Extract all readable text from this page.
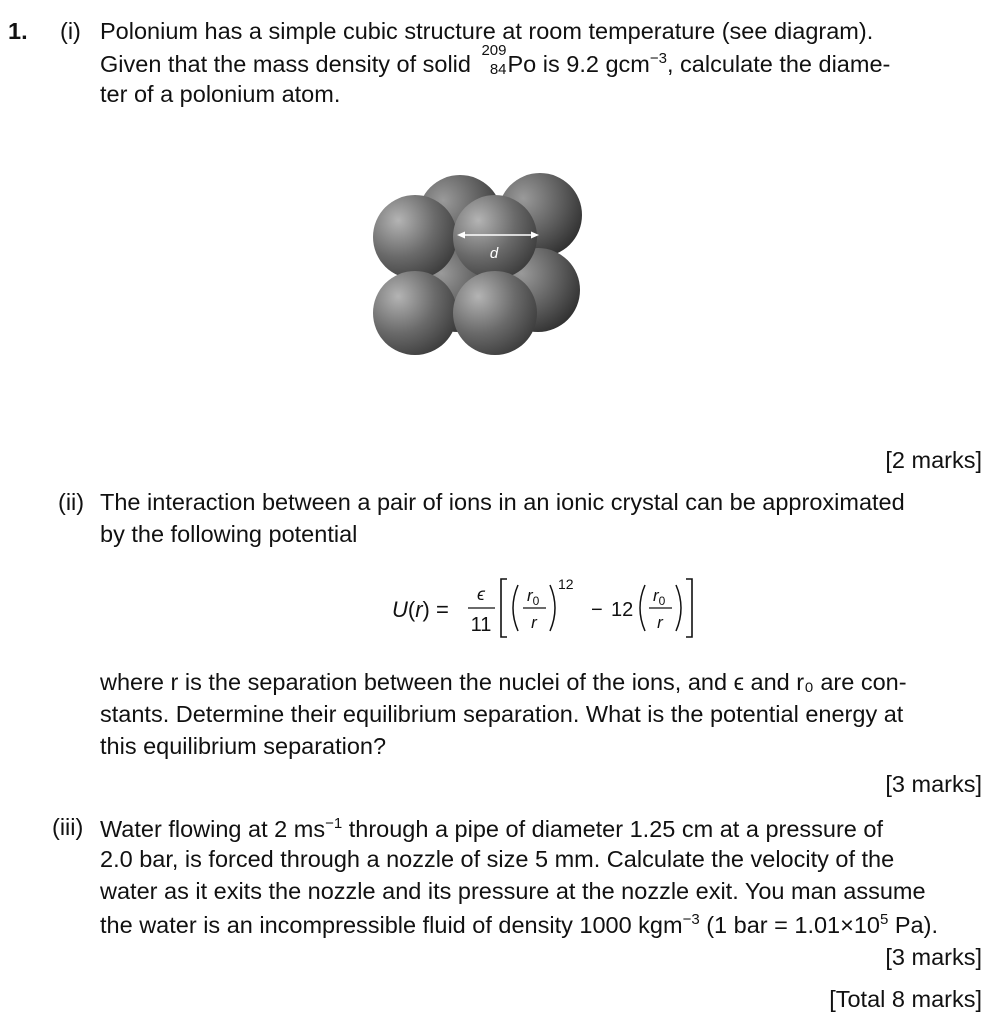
1. (i) Polonium has a simple cubic structure at room temperature (see diagram).
Given that the mass density of solid
209
84 Po is 9.2 gcm$^{-3}$, calculate the diame-
ter of a polonium atom.
d
[2 marks]
(ii) The interaction between a pair of ions in an ionic crystal can be approximated
by the following potential
U(r) =
ϵ
11
$r_0$
r
12
− 12
$r_0$
r
where r is the separation between the nuclei of the ions, and ϵ and r₀ are con-
stants. Determine their equilibrium separation. What is the potential energy at
this equilibrium separation?
[3 marks]
(iii) Water flowing at 2 $ms^{-1}$ through a pipe of diameter 1.25 cm at a pressure of
2.0 bar, is forced through a nozzle of size 5 mm. Calculate the velocity of the
water as it exits the nozzle and its pressure at the nozzle exit. You man assume
the water is an incompressible fluid of density 1000 kgm$^{-3}$ (1 bar = $1.01\times 10^5$ Pa).
[3 marks]
[Total 8 marks]
